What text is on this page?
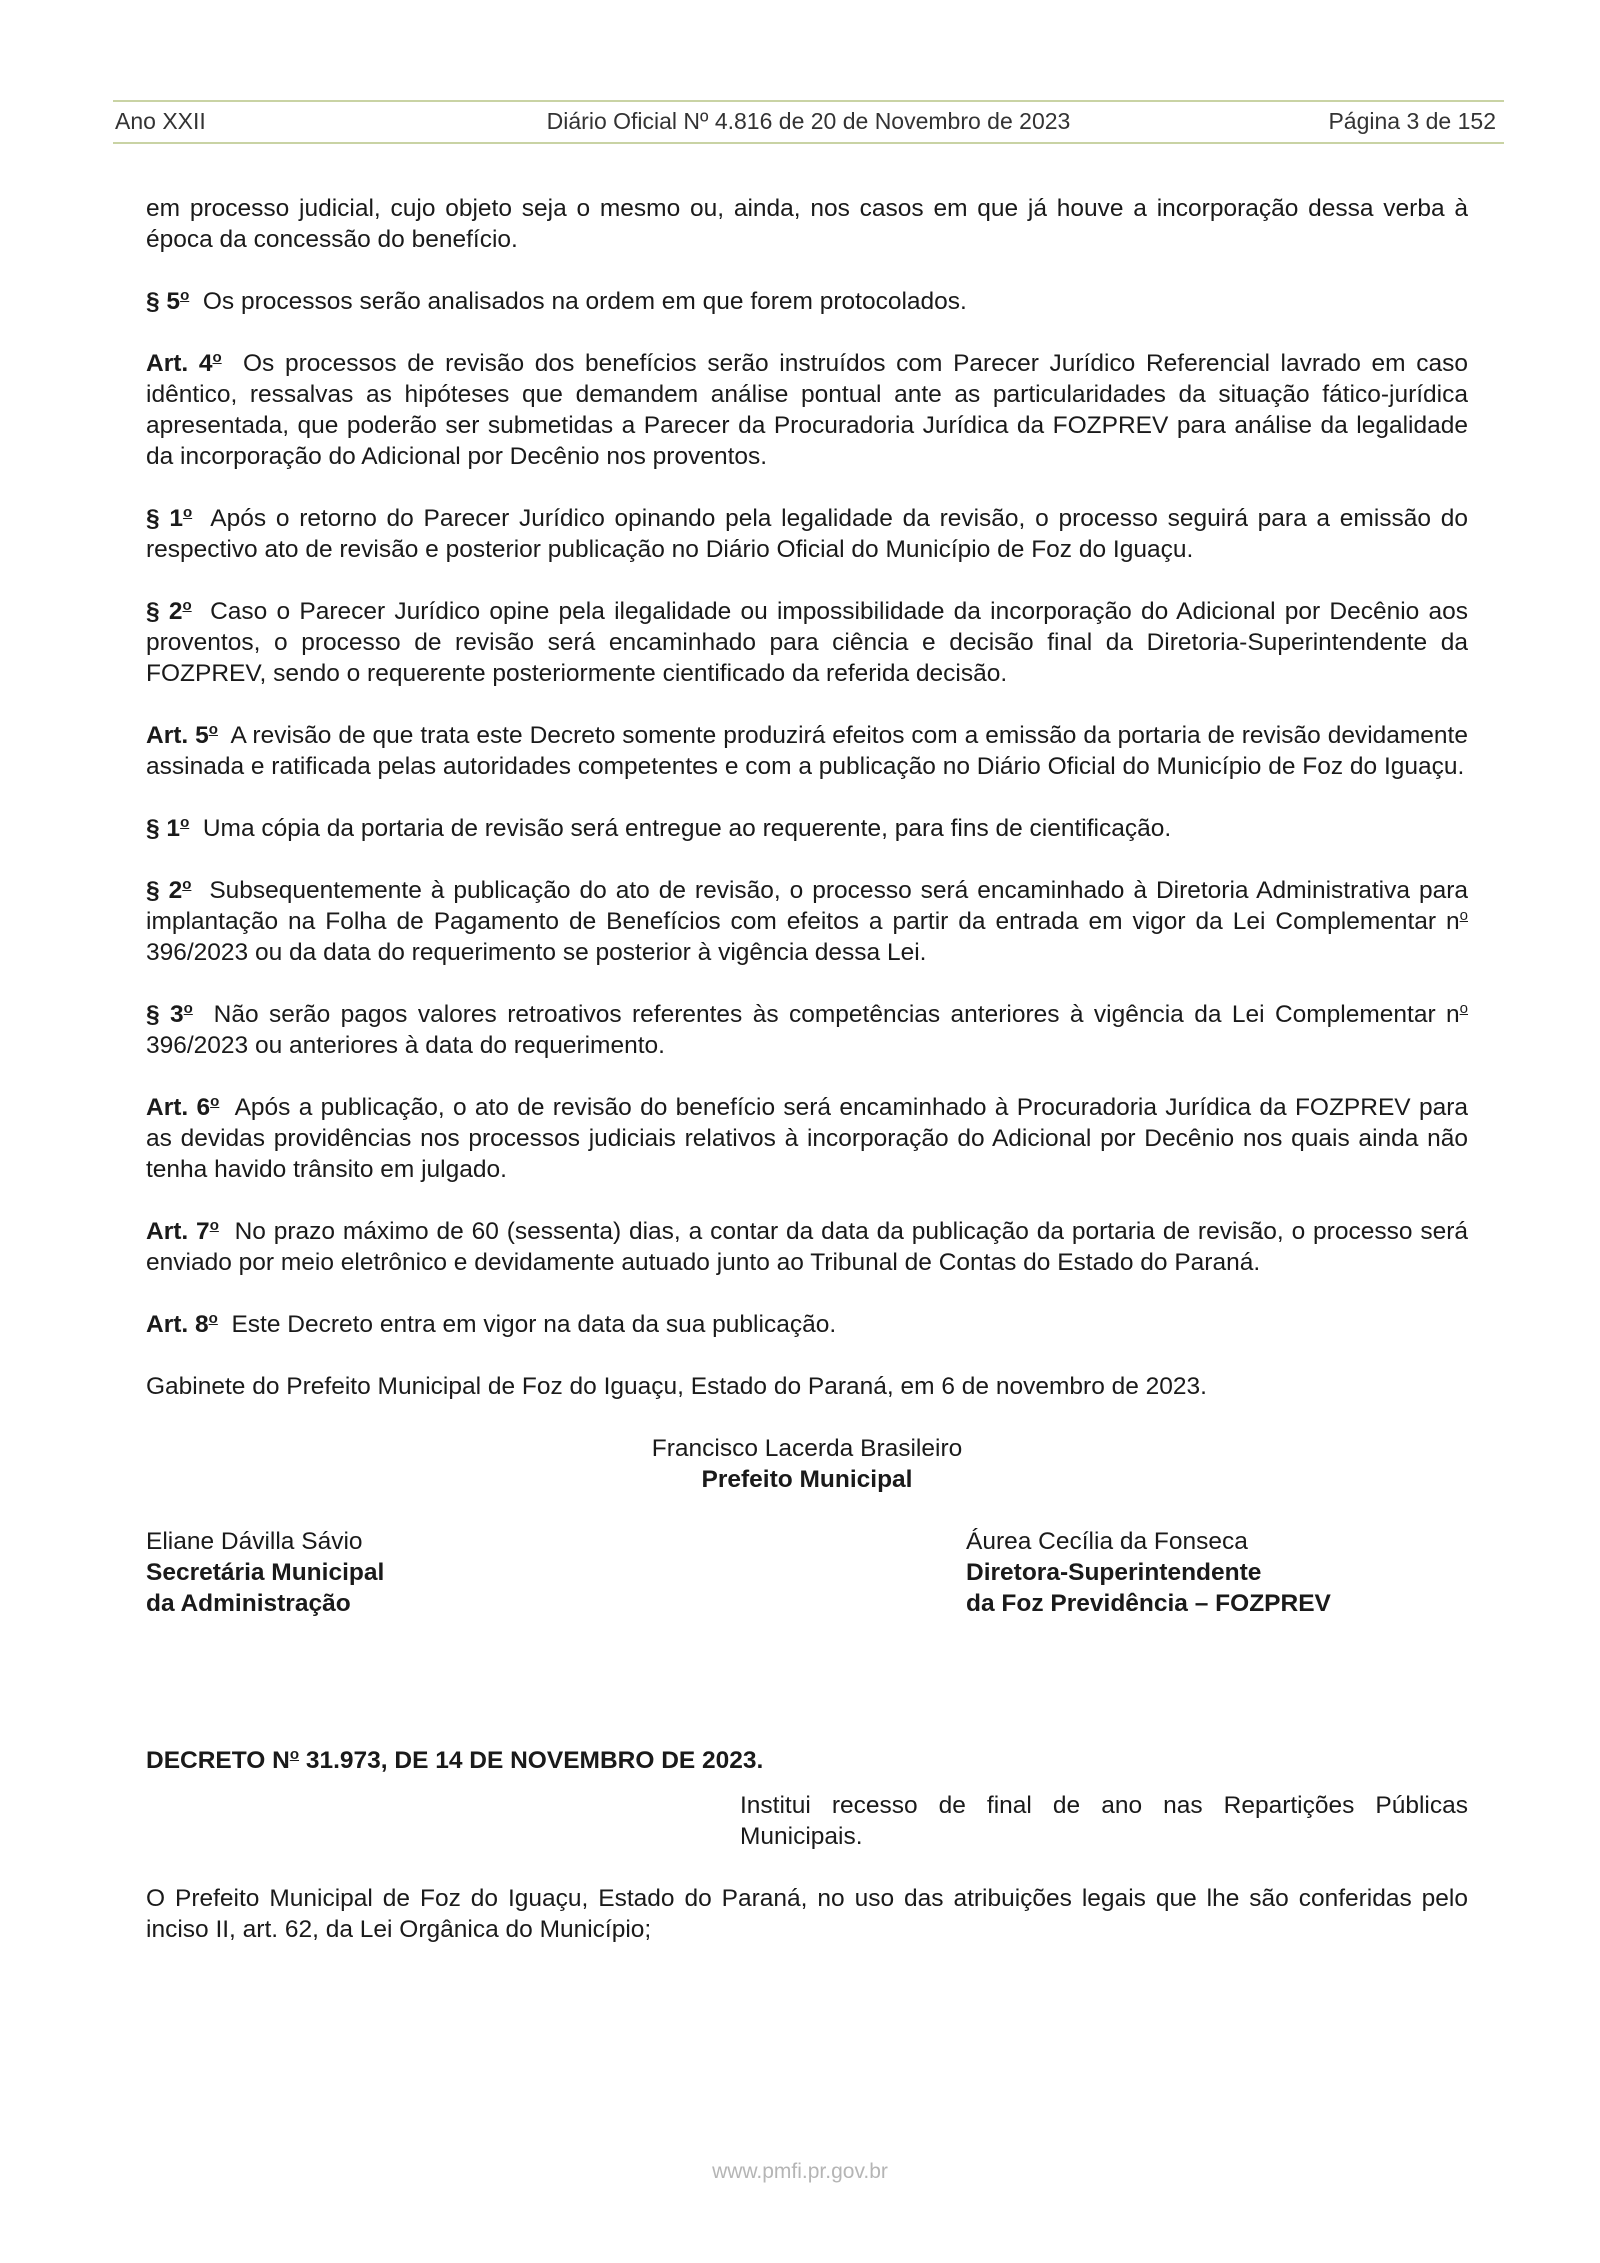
Ano XXII	Diário Oficial Nº 4.816 de 20 de Novembro de 2023	Página 3 de 152

em processo judicial, cujo objeto seja o mesmo ou, ainda, nos casos em que já houve a incorporação dessa verba à época da concessão do benefício.

§ 5$^o$ Os processos serão analisados na ordem em que forem protocolados.

Art. 4$^o$ Os processos de revisão dos benefícios serão instruídos com Parecer Jurídico Referencial lavrado em caso idêntico, ressalvas as hipóteses que demandem análise pontual ante as particularidades da situação fático-jurídica apresentada, que poderão ser submetidas a Parecer da Procuradoria Jurídica da FOZPREV para análise da legalidade da incorporação do Adicional por Decênio nos proventos.

§ 1$^o$ Após o retorno do Parecer Jurídico opinando pela legalidade da revisão, o processo seguirá para a emissão do respectivo ato de revisão e posterior publicação no Diário Oficial do Município de Foz do Iguaçu.

§ 2$^o$ Caso o Parecer Jurídico opine pela ilegalidade ou impossibilidade da incorporação do Adicional por Decênio aos proventos, o processo de revisão será encaminhado para ciência e decisão final da Diretoria-Superintendente da FOZPREV, sendo o requerente posteriormente cientificado da referida decisão.

Art. 5$^o$ A revisão de que trata este Decreto somente produzirá efeitos com a emissão da portaria de revisão devidamente assinada e ratificada pelas autoridades competentes e com a publicação no Diário Oficial do Município de Foz do Iguaçu.

§ 1$^o$ Uma cópia da portaria de revisão será entregue ao requerente, para fins de cientificação.

§ 2$^o$ Subsequentemente à publicação do ato de revisão, o processo será encaminhado à Diretoria Administrativa para implantação na Folha de Pagamento de Benefícios com efeitos a partir da entrada em vigor da Lei Complementar $n^o$ 396/2023 ou da data do requerimento se posterior à vigência dessa Lei.

§ 3$^o$ Não serão pagos valores retroativos referentes às competências anteriores à vigência da Lei Complementar $n^o$ 396/2023 ou anteriores à data do requerimento.

Art. 6$^o$ Após a publicação, o ato de revisão do benefício será encaminhado à Procuradoria Jurídica da FOZPREV para as devidas providências nos processos judiciais relativos à incorporação do Adicional por Decênio nos quais ainda não tenha havido trânsito em julgado.

Art. 7$^o$ No prazo máximo de 60 (sessenta) dias, a contar da data da publicação da portaria de revisão, o processo será enviado por meio eletrônico e devidamente autuado junto ao Tribunal de Contas do Estado do Paraná.

Art. 8$^o$ Este Decreto entra em vigor na data da sua publicação.

Gabinete do Prefeito Municipal de Foz do Iguaçu, Estado do Paraná, em 6 de novembro de 2023.

Francisco Lacerda Brasileiro
Prefeito Municipal
Eliane Dávilla Sávio
Secretária Municipal
da Administração
Áurea Cecília da Fonseca
Diretora-Superintendente
da Foz Previdência – FOZPREV

DECRETO $N^o$ 31.973, DE 14 DE NOVEMBRO DE 2023.

Institui recesso de final de ano nas Repartições Públicas Municipais.

O Prefeito Municipal de Foz do Iguaçu, Estado do Paraná, no uso das atribuições legais que lhe são conferidas pelo inciso II, art. 62, da Lei Orgânica do Município;

www.pmfi.pr.gov.br
